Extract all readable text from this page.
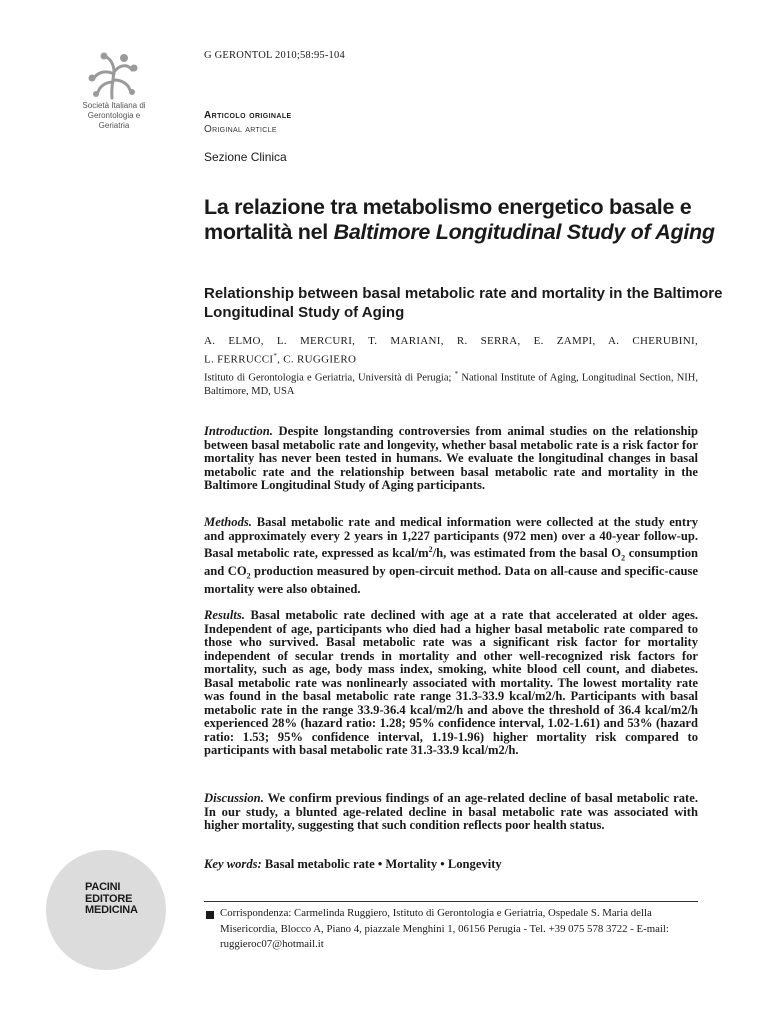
G GERONTOL 2010;58:95-104
Società Italiana di Gerontologia e Geriatria
Articolo originale
Original article
Sezione Clinica
La relazione tra metabolismo energetico basale e mortalità nel Baltimore Longitudinal Study of Aging
Relationship between basal metabolic rate and mortality in the Baltimore Longitudinal Study of Aging
A. ELMO, L. MERCURI, T. MARIANI, R. SERRA, E. ZAMPI, A. CHERUBINI,
L. FERRUCCI*, C. RUGGIERO
Istituto di Gerontologia e Geriatria, Università di Perugia; * National Institute of Aging, Longitudinal Section, NIH, Baltimore, MD, USA
Introduction. Despite longstanding controversies from animal studies on the relationship between basal metabolic rate and longevity, whether basal metabolic rate is a risk factor for mortality has never been tested in humans. We evaluate the longitudinal changes in basal metabolic rate and the relationship between basal metabolic rate and mortality in the Baltimore Longitudinal Study of Aging participants.
Methods. Basal metabolic rate and medical information were collected at the study entry and approximately every 2 years in 1,227 participants (972 men) over a 40-year follow-up. Basal metabolic rate, expressed as kcal/$m^2/h$, was estimated from the basal $O_2$ consumption and $CO_2$ production measured by open-circuit method. Data on all-cause and specific-cause mortality were also obtained.
Results. Basal metabolic rate declined with age at a rate that accelerated at older ages. Independent of age, participants who died had a higher basal metabolic rate compared to those who survived. Basal metabolic rate was a significant risk factor for mortality independent of secular trends in mortality and other well-recognized risk factors for mortality, such as age, body mass index, smoking, white blood cell count, and diabetes. Basal metabolic rate was nonlinearly associated with mortality. The lowest mortality rate was found in the basal metabolic rate range 31.3-33.9 kcal/m2/h. Participants with basal metabolic rate in the range 33.9-36.4 kcal/m2/h and above the threshold of 36.4 kcal/m2/h experienced 28% (hazard ratio: 1.28; 95% confidence interval, 1.02-1.61) and 53% (hazard ratio: 1.53; 95% confidence interval, 1.19-1.96) higher mortality risk compared to participants with basal metabolic rate 31.3-33.9 kcal/m2/h.
Discussion. We confirm previous findings of an age-related decline of basal metabolic rate. In our study, a blunted age-related decline in basal metabolic rate was associated with higher mortality, suggesting that such condition reflects poor health status.
Key words: Basal metabolic rate • Mortality • Longevity
PACINI
EDITORE
MEDICINA	Corrispondenza: Carmelinda Ruggiero, Istituto di Gerontologia e Geriatria, Ospedale S. Maria della Misericordia, Blocco A, Piano 4, piazzale Menghini 1, 06156 Perugia - Tel. +39 075 578 3722 - E-mail: ruggieroc07@hotmail.it
